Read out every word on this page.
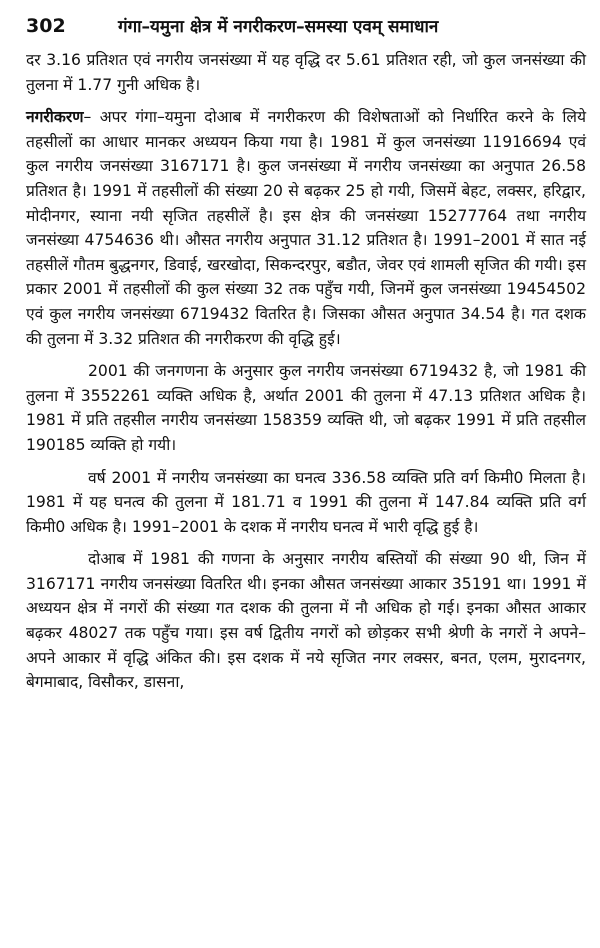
302	गंगा–यमुना क्षेत्र में नगरीकरण–समस्या एवम् समाधान

दर 3.16 प्रतिशत एवं नगरीय जनसंख्या में यह वृद्धि दर 5.61 प्रतिशत रही, जो कुल जनसंख्या की तुलना में 1.77 गुनी अधिक है।

नगरीकरण– अपर गंगा–यमुना दोआब में नगरीकरण की विशेषताओं को निर्धारित करने के लिये तहसीलों का आधार मानकर अध्ययन किया गया है। 1981 में कुल जनसंख्या 11916694 एवं कुल नगरीय जनसंख्या 3167171 है। कुल जनसंख्या में नगरीय जनसंख्या का अनुपात 26.58 प्रतिशत है। 1991 में तहसीलों की संख्या 20 से बढ़कर 25 हो गयी, जिसमें बेहट, लक्सर, हरिद्वार, मोदीनगर, स्याना नयी सृजित तहसीलें है। इस क्षेत्र की जनसंख्या 15277764 तथा नगरीय जनसंख्या 4754636 थी। औसत नगरीय अनुपात 31.12 प्रतिशत है। 1991–2001 में सात नई तहसीलें गौतम बुद्धनगर, डिवाई, खरखोदा, सिकन्दरपुर, बडौत, जेवर एवं शामली सृजित की गयी। इस प्रकार 2001 में तहसीलों की कुल संख्या 32 तक पहुँच गयी, जिनमें कुल जनसंख्या 19454502 एवं कुल नगरीय जनसंख्या 6719432 वितरित है। जिसका औसत अनुपात 34.54 है। गत दशक की तुलना में 3.32 प्रतिशत की नगरीकरण की वृद्धि हुई।

2001 की जनगणना के अनुसार कुल नगरीय जनसंख्या 6719432 है, जो 1981 की तुलना में 3552261 व्यक्ति अधिक है, अर्थात 2001 की तुलना में 47.13 प्रतिशत अधिक है। 1981 में प्रति तहसील नगरीय जनसंख्या 158359 व्यक्ति थी, जो बढ़कर 1991 में प्रति तहसील 190185 व्यक्ति हो गयी।

वर्ष 2001 में नगरीय जनसंख्या का घनत्व 336.58 व्यक्ति प्रति वर्ग किमी0 मिलता है। 1981 में यह घनत्व की तुलना में 181.71 व 1991 की तुलना में 147.84 व्यक्ति प्रति वर्ग किमी0 अधिक है। 1991–2001 के दशक में नगरीय घनत्व में भारी वृद्धि हुई है।

दोआब में 1981 की गणना के अनुसार नगरीय बस्तियों की संख्या 90 थी, जिन में 3167171 नगरीय जनसंख्या वितरित थी। इनका औसत जनसंख्या आकार 35191 था। 1991 में अध्ययन क्षेत्र में नगरों की संख्या गत दशक की तुलना में नौ अधिक हो गई। इनका औसत आकार बढ़कर 48027 तक पहुँच गया। इस वर्ष द्वितीय नगरों को छोड़कर सभी श्रेणी के नगरों ने अपने–अपने आकार में वृद्धि अंकित की। इस दशक में नये सृजित नगर लक्सर, बनत, एलम, मुरादनगर, बेगमाबाद, विसौकर, डासना,
